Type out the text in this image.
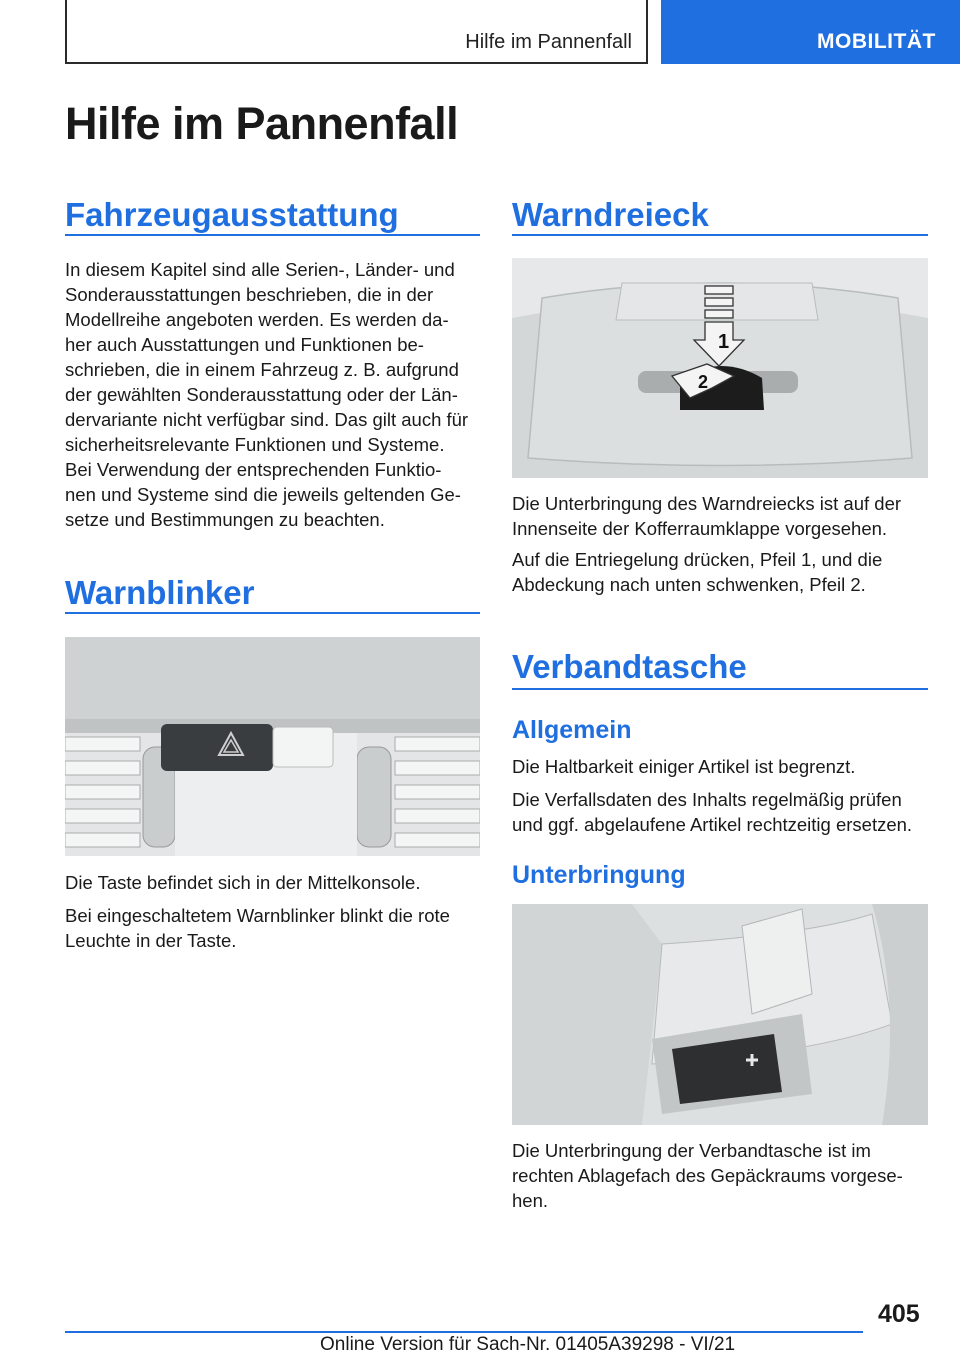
Hilfe im Pannenfall	MOBILITÄT
Hilfe im Pannenfall
Fahrzeugausstattung

In diesem Kapitel sind alle Serien-, Länder- und
Sonderausstattungen beschrieben, die in der
Modellreihe angeboten werden. Es werden da-
her auch Ausstattungen und Funktionen be-
schrieben, die in einem Fahrzeug z. B. aufgrund
der gewählten Sonderausstattung oder der Län-
dervariante nicht verfügbar sind. Das gilt auch für
sicherheitsrelevante Funktionen und Systeme.
Bei Verwendung der entsprechenden Funktio-
nen und Systeme sind die jeweils geltenden Ge-
setze und Bestimmungen zu beachten.

Warnblinker

Die Taste befindet sich in der Mittelkonsole.

Bei eingeschaltetem Warnblinker blinkt die rote
Leuchte in der Taste.

Warndreieck
1
2

Die Unterbringung des Warndreiecks ist auf der
Innenseite der Kofferraumklappe vorgesehen.

Auf die Entriegelung drücken, Pfeil 1, und die
Abdeckung nach unten schwenken, Pfeil 2.

Verbandtasche
Allgemein

Die Haltbarkeit einiger Artikel ist begrenzt.

Die Verfallsdaten des Inhalts regelmäßig prüfen
und ggf. abgelaufene Artikel rechtzeitig ersetzen.

Unterbringung

Die Unterbringung der Verbandtasche ist im
rechten Ablagefach des Gepäckraums vorgese-
hen.

405
Online Version für Sach-Nr. 01405A39298 - VI/21
